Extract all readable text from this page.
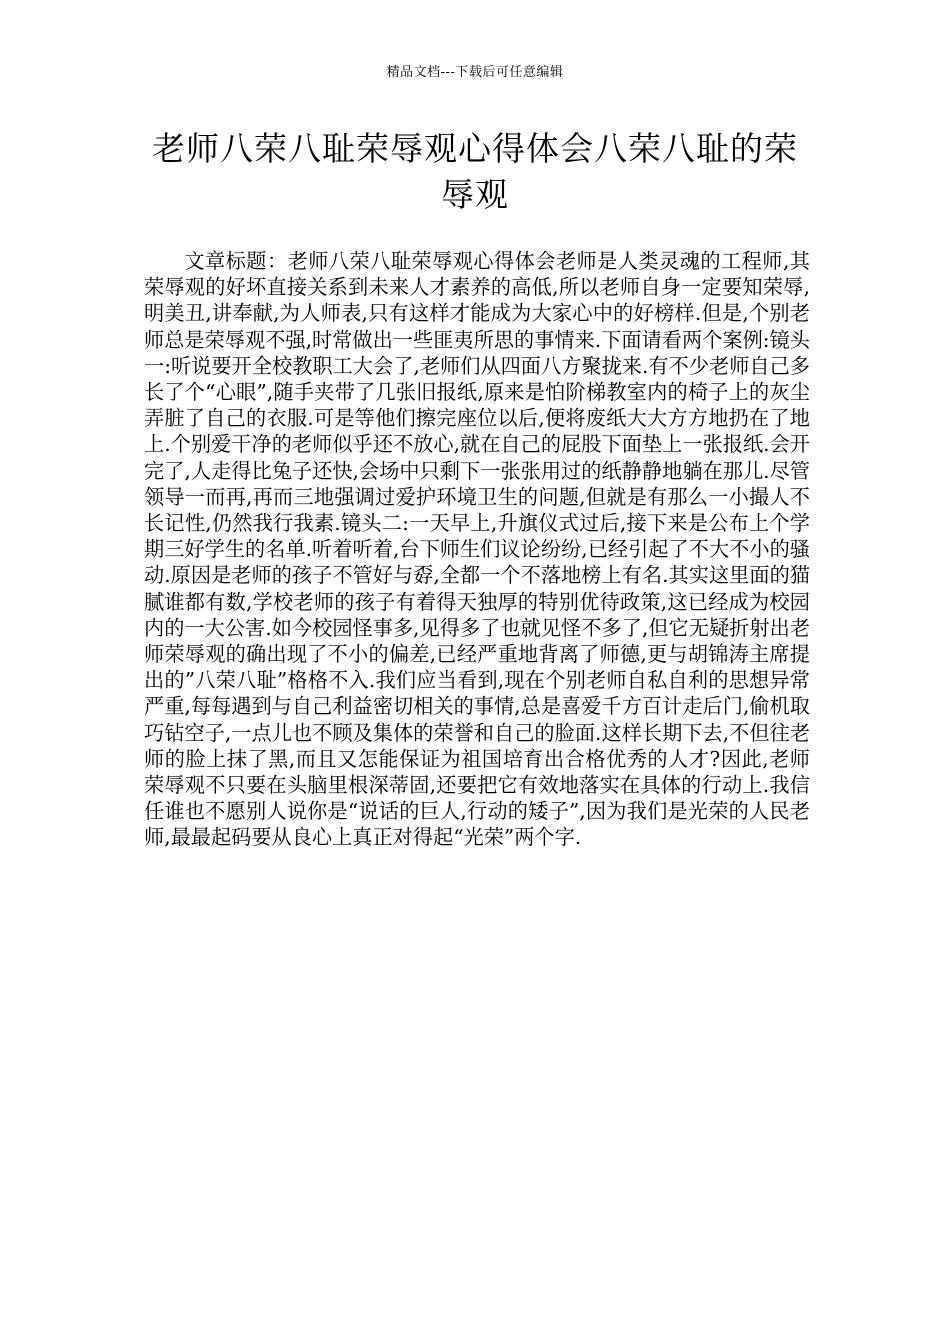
精品文档---下载后可任意编辑
老师八荣八耻荣辱观心得体会八荣八耻的荣辱观

文章标题：老师八荣八耻荣辱观心得体会老师是人类灵魂的工程师,其荣辱观的好坏直接关系到未来人才素养的高低,所以老师自身一定要知荣辱,明美丑,讲奉献,为人师表,只有这样才能成为大家心中的好榜样.但是,个别老师总是荣辱观不强,时常做出一些匪夷所思的事情来.下面请看两个案例:镜头一:听说要开全校教职工大会了,老师们从四面八方聚拢来.有不少老师自己多长了个“心眼”,随手夹带了几张旧报纸,原来是怕阶梯教室内的椅子上的灰尘弄脏了自己的衣服.可是等他们擦完座位以后,便将废纸大大方方地扔在了地上.个别爱干净的老师似乎还不放心,就在自己的屁股下面垫上一张报纸.会开完了,人走得比兔子还快,会场中只剩下一张张用过的纸静静地躺在那儿.尽管领导一而再,再而三地强调过爱护环境卫生的问题,但就是有那么一小撮人不长记性,仍然我行我素.镜头二:一天早上,升旗仪式过后,接下来是公布上个学期三好学生的名单.听着听着,台下师生们议论纷纷,已经引起了不大不小的骚动.原因是老师的孩子不管好与孬,全都一个不落地榜上有名.其实这里面的猫腻谁都有数,学校老师的孩子有着得天独厚的特别优待政策,这已经成为校园内的一大公害.如今校园怪事多,见得多了也就见怪不多了,但它无疑折射出老师荣辱观的确出现了不小的偏差,已经严重地背离了师德,更与胡锦涛主席提出的”八荣八耻”格格不入.我们应当看到,现在个别老师自私自利的思想异常严重,每每遇到与自己利益密切相关的事情,总是喜爱千方百计走后门,偷机取巧钻空子,一点儿也不顾及集体的荣誉和自己的脸面.这样长期下去,不但往老师的脸上抹了黑,而且又怎能保证为祖国培育出合格优秀的人才?因此,老师荣辱观不只要在头脑里根深蒂固,还要把它有效地落实在具体的行动上.我信任谁也不愿别人说你是“说话的巨人,行动的矮子”,因为我们是光荣的人民老师,最最起码要从良心上真正对得起“光荣”两个字.
